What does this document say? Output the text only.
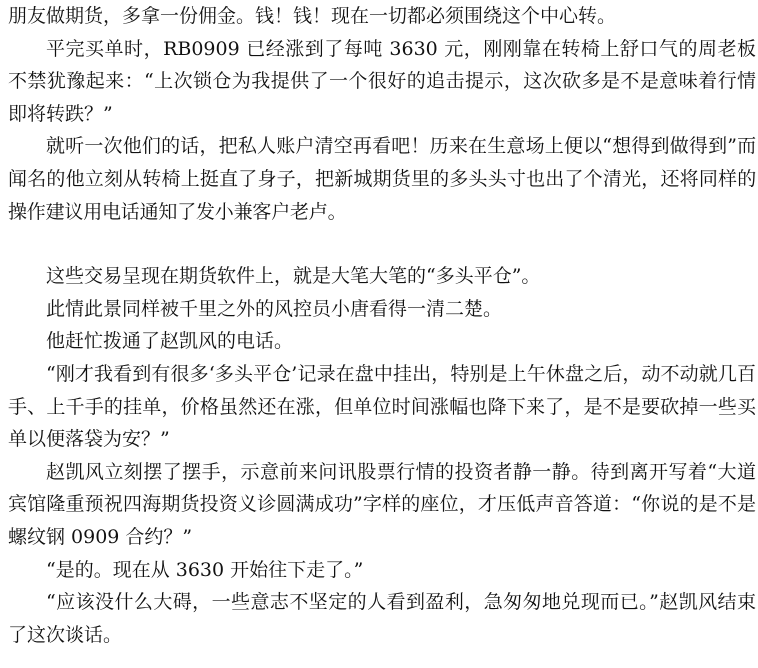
朋友做期货，多拿一份佣金。钱！钱！现在一切都必须围绕这个中心转。

平完买单时，RB0909 已经涨到了每吨 3630 元，刚刚靠在转椅上舒口气的周老板不禁犹豫起来：“上次锁仓为我提供了一个很好的追击提示，这次砍多是不是意味着行情即将转跌？”

就听一次他们的话，把私人账户清空再看吧！历来在生意场上便以“想得到做得到”而闻名的他立刻从转椅上挺直了身子，把新城期货里的多头头寸也出了个清光，还将同样的操作建议用电话通知了发小兼客户老卢。

这些交易呈现在期货软件上，就是大笔大笔的“多头平仓”。

此情此景同样被千里之外的风控员小唐看得一清二楚。

他赶忙拨通了赵凯风的电话。

“刚才我看到有很多‘多头平仓’记录在盘中挂出，特别是上午休盘之后，动不动就几百手、上千手的挂单，价格虽然还在涨，但单位时间涨幅也降下来了，是不是要砍掉一些买单以便落袋为安？”

赵凯风立刻摆了摆手，示意前来问讯股票行情的投资者静一静。待到离开写着“大道宾馆隆重预祝四海期货投资义诊圆满成功”字样的座位，才压低声音答道：“你说的是不是螺纹钢 0909 合约？”

“是的。现在从 3630 开始往下走了。”

“应该没什么大碍，一些意志不坚定的人看到盈利，急匆匆地兑现而已。”赵凯风结束了这次谈话。
